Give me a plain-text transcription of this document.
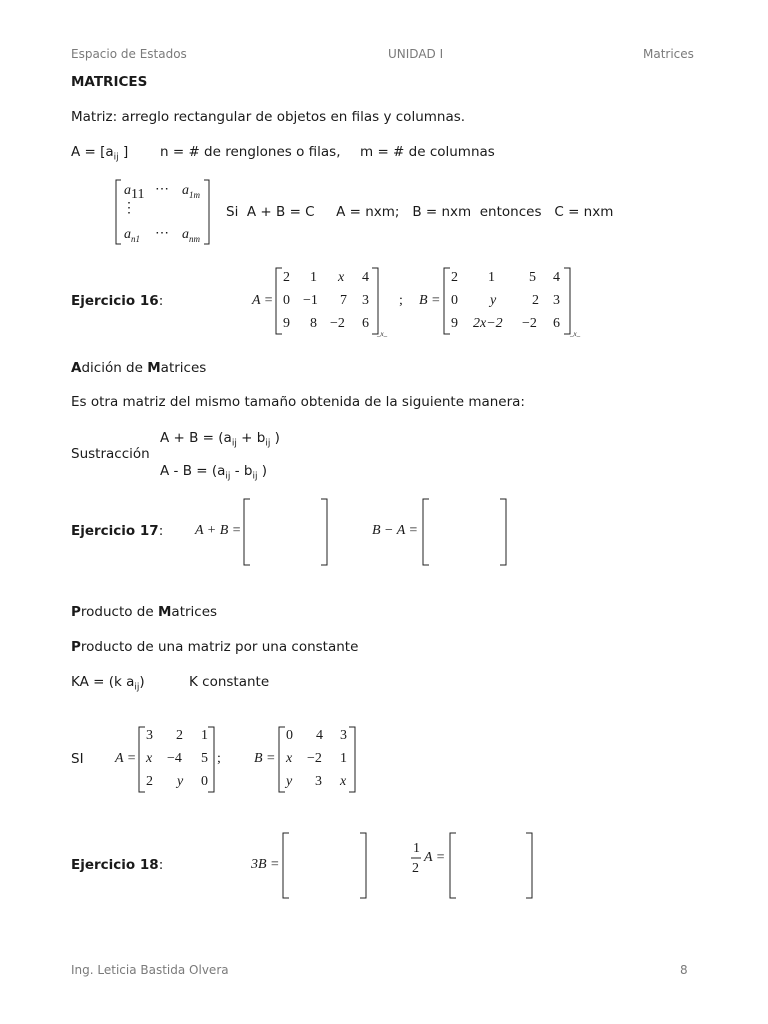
Espacio de Estados	UNIDAD I	Matrices
MATRICES
Matriz: arreglo rectangular de objetos en filas y columnas.
$A = [a_{ij}$ ] n = # de renglones o filas, m = # de columnas
$a_{11}$ ⋯ $a_{1m}$
⋮
$a_{n1}$ ⋯ $a_{nm}$
Si  A + B = C     A = nxm;   B = nxm  entonces   C = nxm
Ejercicio 16:	A =
2 1 x 4
0 −1 7 3
9 8 −2 6
_x_
; B =
2 1 5 4
0 y	2 3
9 2x−2 −2 6
_x_
Adición de Matrices
Es otra matriz del mismo tamaño obtenida de la siguiente manera:
$A + B = (a_{ij} + b_{ij}$ )
Sustracción
$A - B = (a_{ij} - b_{ij}$ )
Ejercicio 17: A + B =	B − A =
Producto de Matrices
Producto de una matriz por una constante
KA = (k $a_{ij}$)	K constante
SI A =
3 2 1
x −4 5
2 y 0
; B =
0 4 3
x −2 1
y 3 x
Ejercicio 18:	3B =
1
2
A =
Ing. Leticia Bastida Olvera	8
